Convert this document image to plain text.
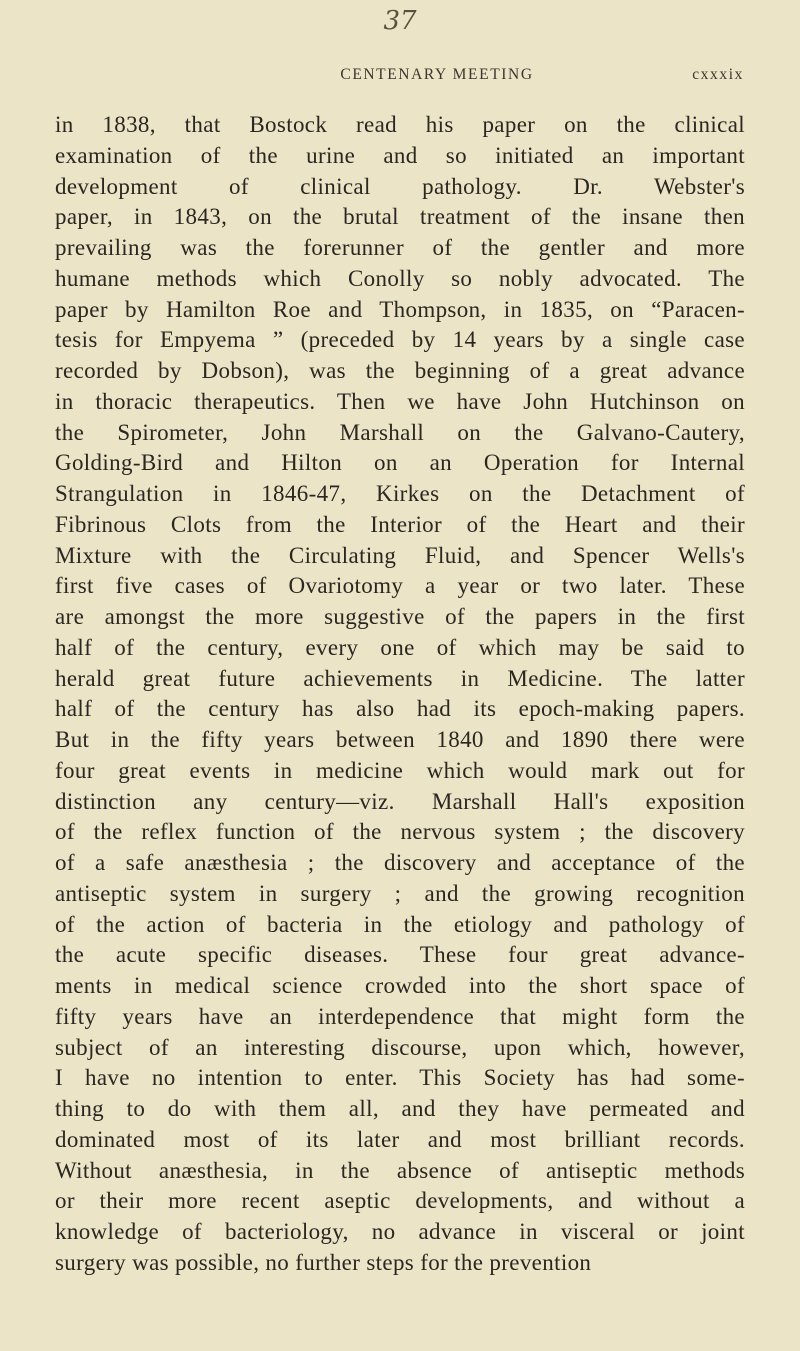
37
CENTENARY MEETING	cxxxix
in 1838, that Bostock read his paper on the clinical
examination of the urine and so initiated an important
development of clinical pathology. Dr. Webster's
paper, in 1843, on the brutal treatment of the insane then
prevailing was the forerunner of the gentler and more
humane methods which Conolly so nobly advocated. The
paper by Hamilton Roe and Thompson, in 1835, on “Paracen-
tesis for Empyema ” (preceded by 14 years by a single case
recorded by Dobson), was the beginning of a great advance
in thoracic therapeutics. Then we have John Hutchinson on
the Spirometer, John Marshall on the Galvano-Cautery,
Golding-Bird and Hilton on an Operation for Internal
Strangulation in 1846-47, Kirkes on the Detachment of
Fibrinous Clots from the Interior of the Heart and their
Mixture with the Circulating Fluid, and Spencer Wells's
first five cases of Ovariotomy a year or two later. These
are amongst the more suggestive of the papers in the first
half of the century, every one of which may be said to
herald great future achievements in Medicine. The latter
half of the century has also had its epoch-making papers.
But in the fifty years between 1840 and 1890 there were
four great events in medicine which would mark out for
distinction any century—viz. Marshall Hall's exposition
of the reflex function of the nervous system ; the discovery
of a safe anæsthesia ; the discovery and acceptance of the
antiseptic system in surgery ; and the growing recognition
of the action of bacteria in the etiology and pathology of
the acute specific diseases. These four great advance-
ments in medical science crowded into the short space of
fifty years have an interdependence that might form the
subject of an interesting discourse, upon which, however,
I have no intention to enter. This Society has had some-
thing to do with them all, and they have permeated and
dominated most of its later and most brilliant records.
Without anæsthesia, in the absence of antiseptic methods
or their more recent aseptic developments, and without a
knowledge of bacteriology, no advance in visceral or joint
surgery was possible, no further steps for the prevention
